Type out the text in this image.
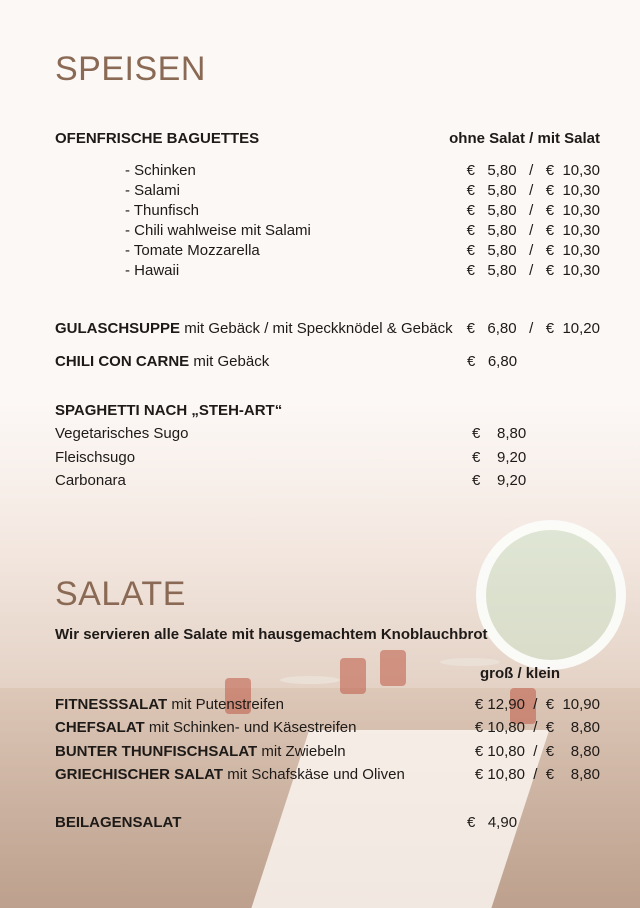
SPEISEN
OFENFRISCHE BAGUETTES	ohne Salat / mit Salat
- Schinken	€   5,80   /   €  10,30
- Salami	€   5,80   /   €  10,30
- Thunfisch	€   5,80   /   €  10,30
- Chili wahlweise mit Salami	€   5,80   /   €  10,30
- Tomate Mozzarella	€   5,80   /   €  10,30
- Hawaii	€   5,80   /   €  10,30
GULASCHSUPPE mit Gebäck / mit Speckknödel & Gebäck €   6,80   /   €  10,20
CHILI CON CARNE mit Gebäck	€   6,80
SPAGHETTI NACH „STEH-ART“
Vegetarisches Sugo	€    8,80
Fleischsugo	€    9,20
Carbonara	€    9,20
SALATE
Wir servieren alle Salate mit hausgemachtem Knoblauchbrot
groß / klein
FITNESSSALAT mit Putenstreifen	€ 12,90  /  €  10,90
CHEFSALAT mit Schinken- und Käsestreifen	€ 10,80  /  €    8,80
BUNTER THUNFISCHSALAT mit Zwiebeln	€ 10,80  /  €    8,80
GRIECHISCHER SALAT mit Schafskäse und Oliven	€ 10,80  /  €    8,80
BEILAGENSALAT	€   4,90
